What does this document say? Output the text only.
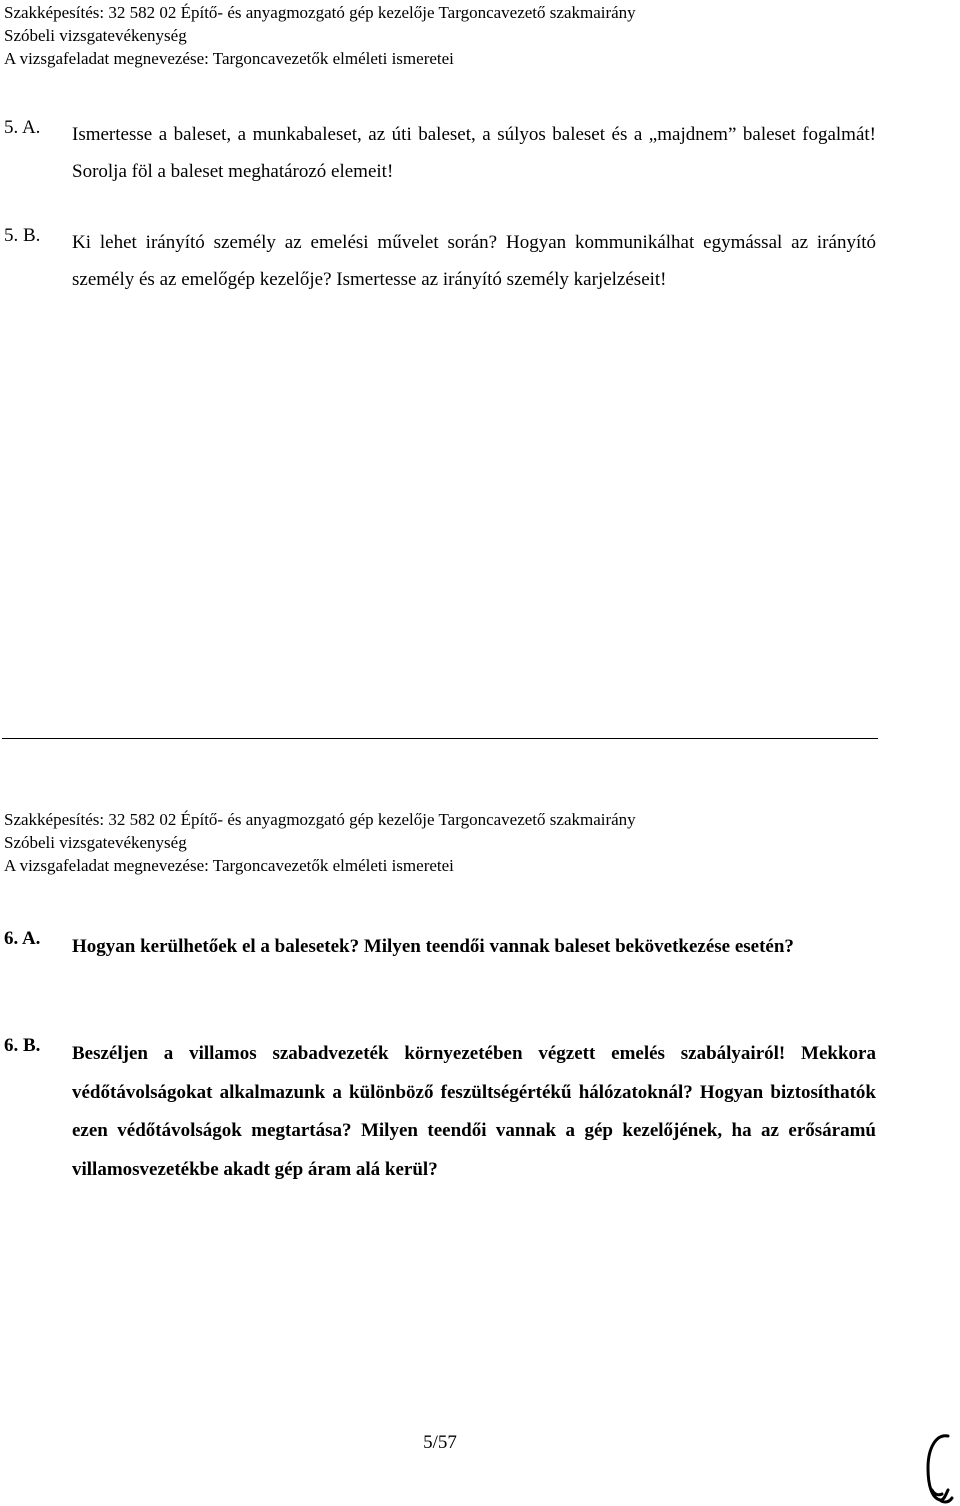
Szakképesítés: 32 582 02 Építő- és anyagmozgató gép kezelője Targoncavezető szakmairány
Szóbeli vizsgatevékenység
A vizsgafeladat megnevezése: Targoncavezetők elméleti ismeretei
5. A. Ismertesse a baleset, a munkabaleset, az úti baleset, a súlyos baleset és a „majdnem” baleset fogalmát! Sorolja föl a baleset meghatározó elemeit!
5. B. Ki lehet irányító személy az emelési művelet során? Hogyan kommunikálhat egymással az irányító személy és az emelőgép kezelője? Ismertesse az irányító személy karjelzéseit!
Szakképesítés: 32 582 02 Építő- és anyagmozgató gép kezelője Targoncavezető szakmairány
Szóbeli vizsgatevékenység
A vizsgafeladat megnevezése: Targoncavezetők elméleti ismeretei
6. A. Hogyan kerülhetőek el a balesetek? Milyen teendői vannak baleset bekövetkezése esetén?
6. B. Beszéljen a villamos szabadvezeték környezetében végzett emelés szabályairól! Mekkora védőtávolságokat alkalmazunk a különböző feszültségértékű hálózatoknál? Hogyan biztosíthatók ezen védőtávolságok megtartása? Milyen teendői vannak a gép kezelőjének, ha az erősáramú villamosvezetékbe akadt gép áram alá kerül?
5/57
